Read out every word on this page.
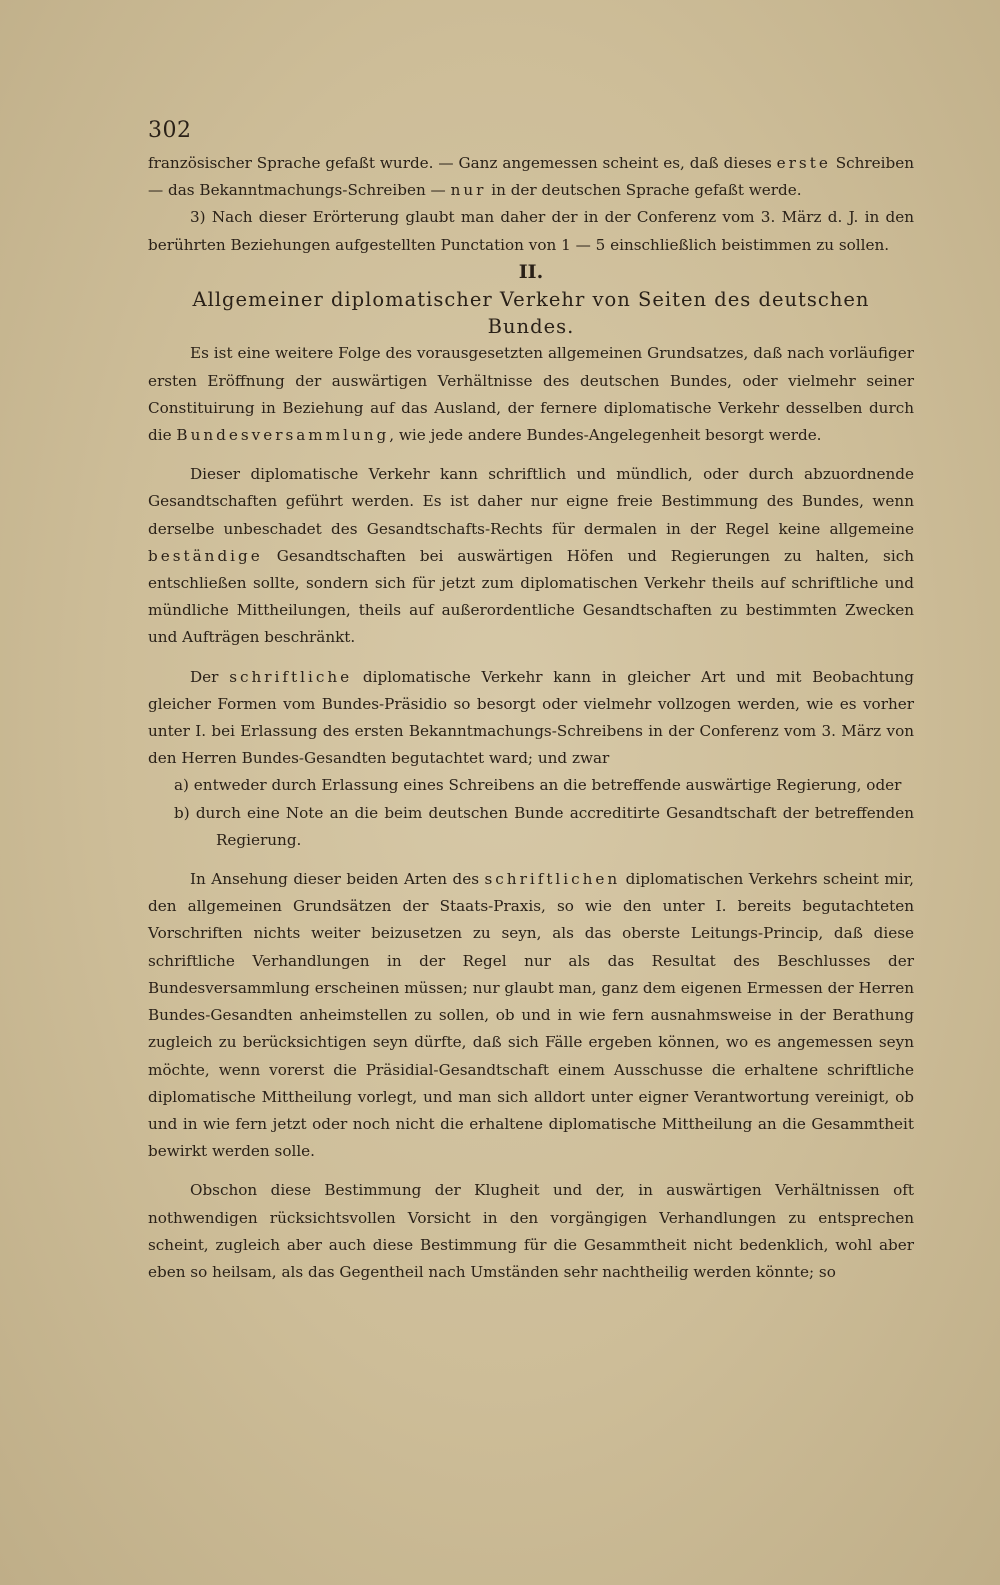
302

französischer Sprache gefaßt wurde. — Ganz angemessen scheint es, daß dieses erste Schreiben — das Bekanntmachungs-Schreiben — nur in der deutschen Sprache gefaßt werde.

3) Nach dieser Erörterung glaubt man daher der in der Conferenz vom 3. März d. J. in den berührten Beziehungen aufgestellten Punctation von 1 — 5 einschließlich beistimmen zu sollen.

II.

Allgemeiner diplomatischer Verkehr von Seiten des deutschen Bundes.

Es ist eine weitere Folge des vorausgesetzten allgemeinen Grundsatzes, daß nach vorläufiger ersten Eröffnung der auswärtigen Verhältnisse des deutschen Bundes, oder vielmehr seiner Constituirung in Beziehung auf das Ausland, der fernere diplomatische Verkehr desselben durch die Bundesversammlung, wie jede andere Bundes-Angelegenheit besorgt werde.

Dieser diplomatische Verkehr kann schriftlich und mündlich, oder durch abzuordnende Gesandtschaften geführt werden. Es ist daher nur eigne freie Bestimmung des Bundes, wenn derselbe unbeschadet des Gesandtschafts-Rechts für dermalen in der Regel keine allgemeine beständige Gesandtschaften bei auswärtigen Höfen und Regierungen zu halten, sich entschließen sollte, sondern sich für jetzt zum diplomatischen Verkehr theils auf schriftliche und mündliche Mittheilungen, theils auf außerordentliche Gesandtschaften zu bestimmten Zwecken und Aufträgen beschränkt.

Der schriftliche diplomatische Verkehr kann in gleicher Art und mit Beobachtung gleicher Formen vom Bundes-Präsidio so besorgt oder vielmehr vollzogen werden, wie es vorher unter I. bei Erlassung des ersten Bekanntmachungs-Schreibens in der Conferenz vom 3. März von den Herren Bundes-Gesandten begutachtet ward; und zwar

a) entweder durch Erlassung eines Schreibens an die betreffende auswärtige Regierung, oder

b) durch eine Note an die beim deutschen Bunde accreditirte Gesandtschaft der betreffenden Regierung.

In Ansehung dieser beiden Arten des schriftlichen diplomatischen Verkehrs scheint mir, den allgemeinen Grundsätzen der Staats-Praxis, so wie den unter I. bereits begutachteten Vorschriften nichts weiter beizusetzen zu seyn, als das oberste Leitungs-Princip, daß diese schriftliche Verhandlungen in der Regel nur als das Resultat des Beschlusses der Bundesversammlung erscheinen müssen; nur glaubt man, ganz dem eigenen Ermessen der Herren Bundes-Gesandten anheimstellen zu sollen, ob und in wie fern ausnahmsweise in der Berathung zugleich zu berücksichtigen seyn dürfte, daß sich Fälle ergeben können, wo es angemessen seyn möchte, wenn vorerst die Präsidial-Gesandtschaft einem Ausschusse die erhaltene schriftliche diplomatische Mittheilung vorlegt, und man sich alldort unter eigner Verantwortung vereinigt, ob und in wie fern jetzt oder noch nicht die erhaltene diplomatische Mittheilung an die Gesammtheit bewirkt werden solle.

Obschon diese Bestimmung der Klugheit und der, in auswärtigen Verhältnissen oft nothwendigen rücksichtsvollen Vorsicht in den vorgängigen Verhandlungen zu entsprechen scheint, zugleich aber auch diese Bestimmung für die Gesammtheit nicht bedenklich, wohl aber eben so heilsam, als das Gegentheil nach Umständen sehr nachtheilig werden könnte; so
